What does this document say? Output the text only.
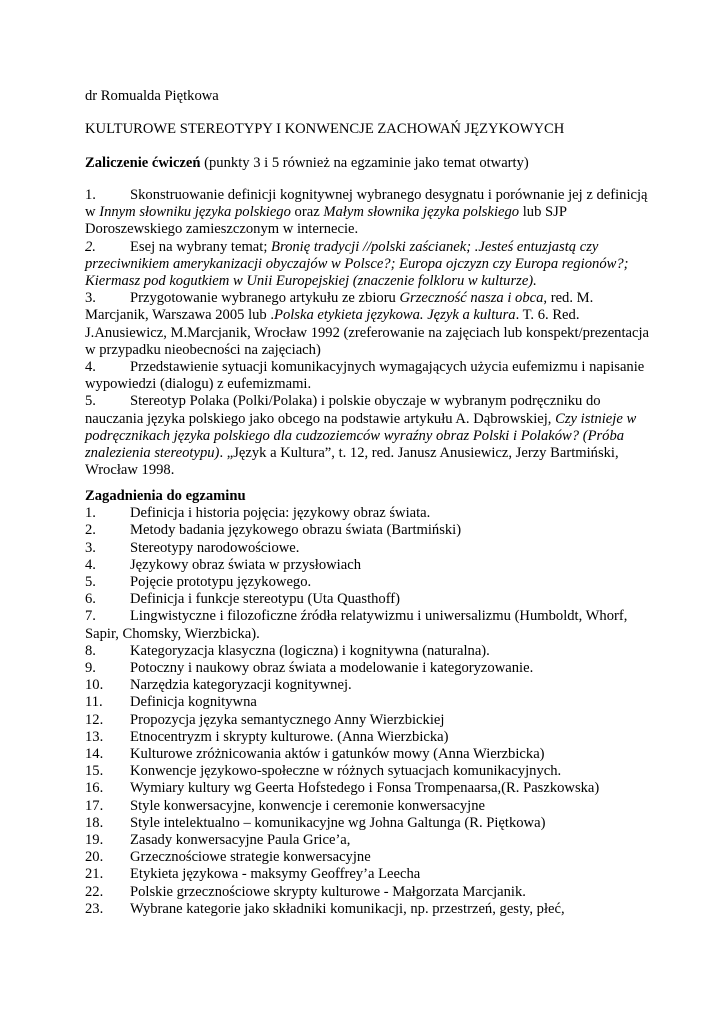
dr Romualda Piętkowa
KULTUROWE STEREOTYPY I KONWENCJE ZACHOWAŃ JĘZYKOWYCH
Zaliczenie ćwiczeń (punkty 3 i 5 również na egzaminie jako temat otwarty)
1. Skonstruowanie definicji kognitywnej wybranego desygnatu i porównanie jej z definicją w Innym słowniku języka polskiego oraz Małym słownika języka polskiego lub SJP Doroszewskiego zamieszczonym w internecie.
2. Esej na wybrany temat; Bronię tradycji //polski zaścianek; .Jesteś entuzjastą czy przeciwnikiem amerykanizacji obyczajów w Polsce?; Europa ojczyzn czy Europa regionów?; Kiermasz pod kogutkiem w Unii Europejskiej (znaczenie folkloru w kulturze).
3. Przygotowanie wybranego artykułu ze zbioru Grzeczność nasza i obca, red. M. Marcjanik, Warszawa 2005 lub .Polska etykieta językowa. Język a kultura. T. 6. Red. J.Anusiewicz, M.Marcjanik, Wrocław 1992 (zreferowanie na zajęciach lub konspekt/prezentacja w przypadku nieobecności na zajęciach)
4. Przedstawienie sytuacji komunikacyjnych wymagających użycia eufemizmu i napisanie wypowiedzi (dialogu) z eufemizmami.
5. Stereotyp Polaka (Polki/Polaka) i polskie obyczaje w wybranym podręczniku do nauczania języka polskiego jako obcego na podstawie artykułu A. Dąbrowskiej, Czy istnieje w podręcznikach języka polskiego dla cudzoziemców wyraźny obraz Polski i Polaków? (Próba znalezienia stereotypu). „Język a Kultura”, t. 12, red. Janusz Anusiewicz, Jerzy Bartmiński, Wrocław 1998.
Zagadnienia do egzaminu
1. Definicja i historia pojęcia: językowy obraz świata.
2. Metody badania językowego obrazu świata (Bartmiński)
3. Stereotypy narodowościowe.
4. Językowy obraz świata w przysłowiach
5. Pojęcie prototypu językowego.
6. Definicja i funkcje stereotypu (Uta Quasthoff)
7. Lingwistyczne i filozoficzne źródła relatywizmu i uniwersalizmu (Humboldt, Whorf, Sapir, Chomsky, Wierzbicka).
8. Kategoryzacja klasyczna (logiczna) i kognitywna (naturalna).
9. Potoczny i naukowy obraz świata a modelowanie i kategoryzowanie.
10. Narzędzia kategoryzacji kognitywnej.
11. Definicja kognitywna
12. Propozycja języka semantycznego Anny Wierzbickiej
13. Etnocentryzm i skrypty kulturowe. (Anna Wierzbicka)
14. Kulturowe zróżnicowania aktów i gatunków mowy (Anna Wierzbicka)
15. Konwencje językowo-społeczne w różnych sytuacjach komunikacyjnych.
16. Wymiary kultury wg Geerta Hofstedego i Fonsa Trompenaarsa,(R. Paszkowska)
17. Style konwersacyjne, konwencje i ceremonie konwersacyjne
18. Style intelektualno – komunikacyjne wg Johna Galtunga (R. Piętkowa)
19. Zasady konwersacyjne Paula Grice’a,
20. Grzecznościowe strategie konwersacyjne
21. Etykieta językowa - maksymy Geoffrey’a Leecha
22. Polskie grzecznościowe skrypty kulturowe - Małgorzata Marcjanik.
23. Wybrane kategorie jako składniki komunikacji, np. przestrzeń, gesty, płeć,
